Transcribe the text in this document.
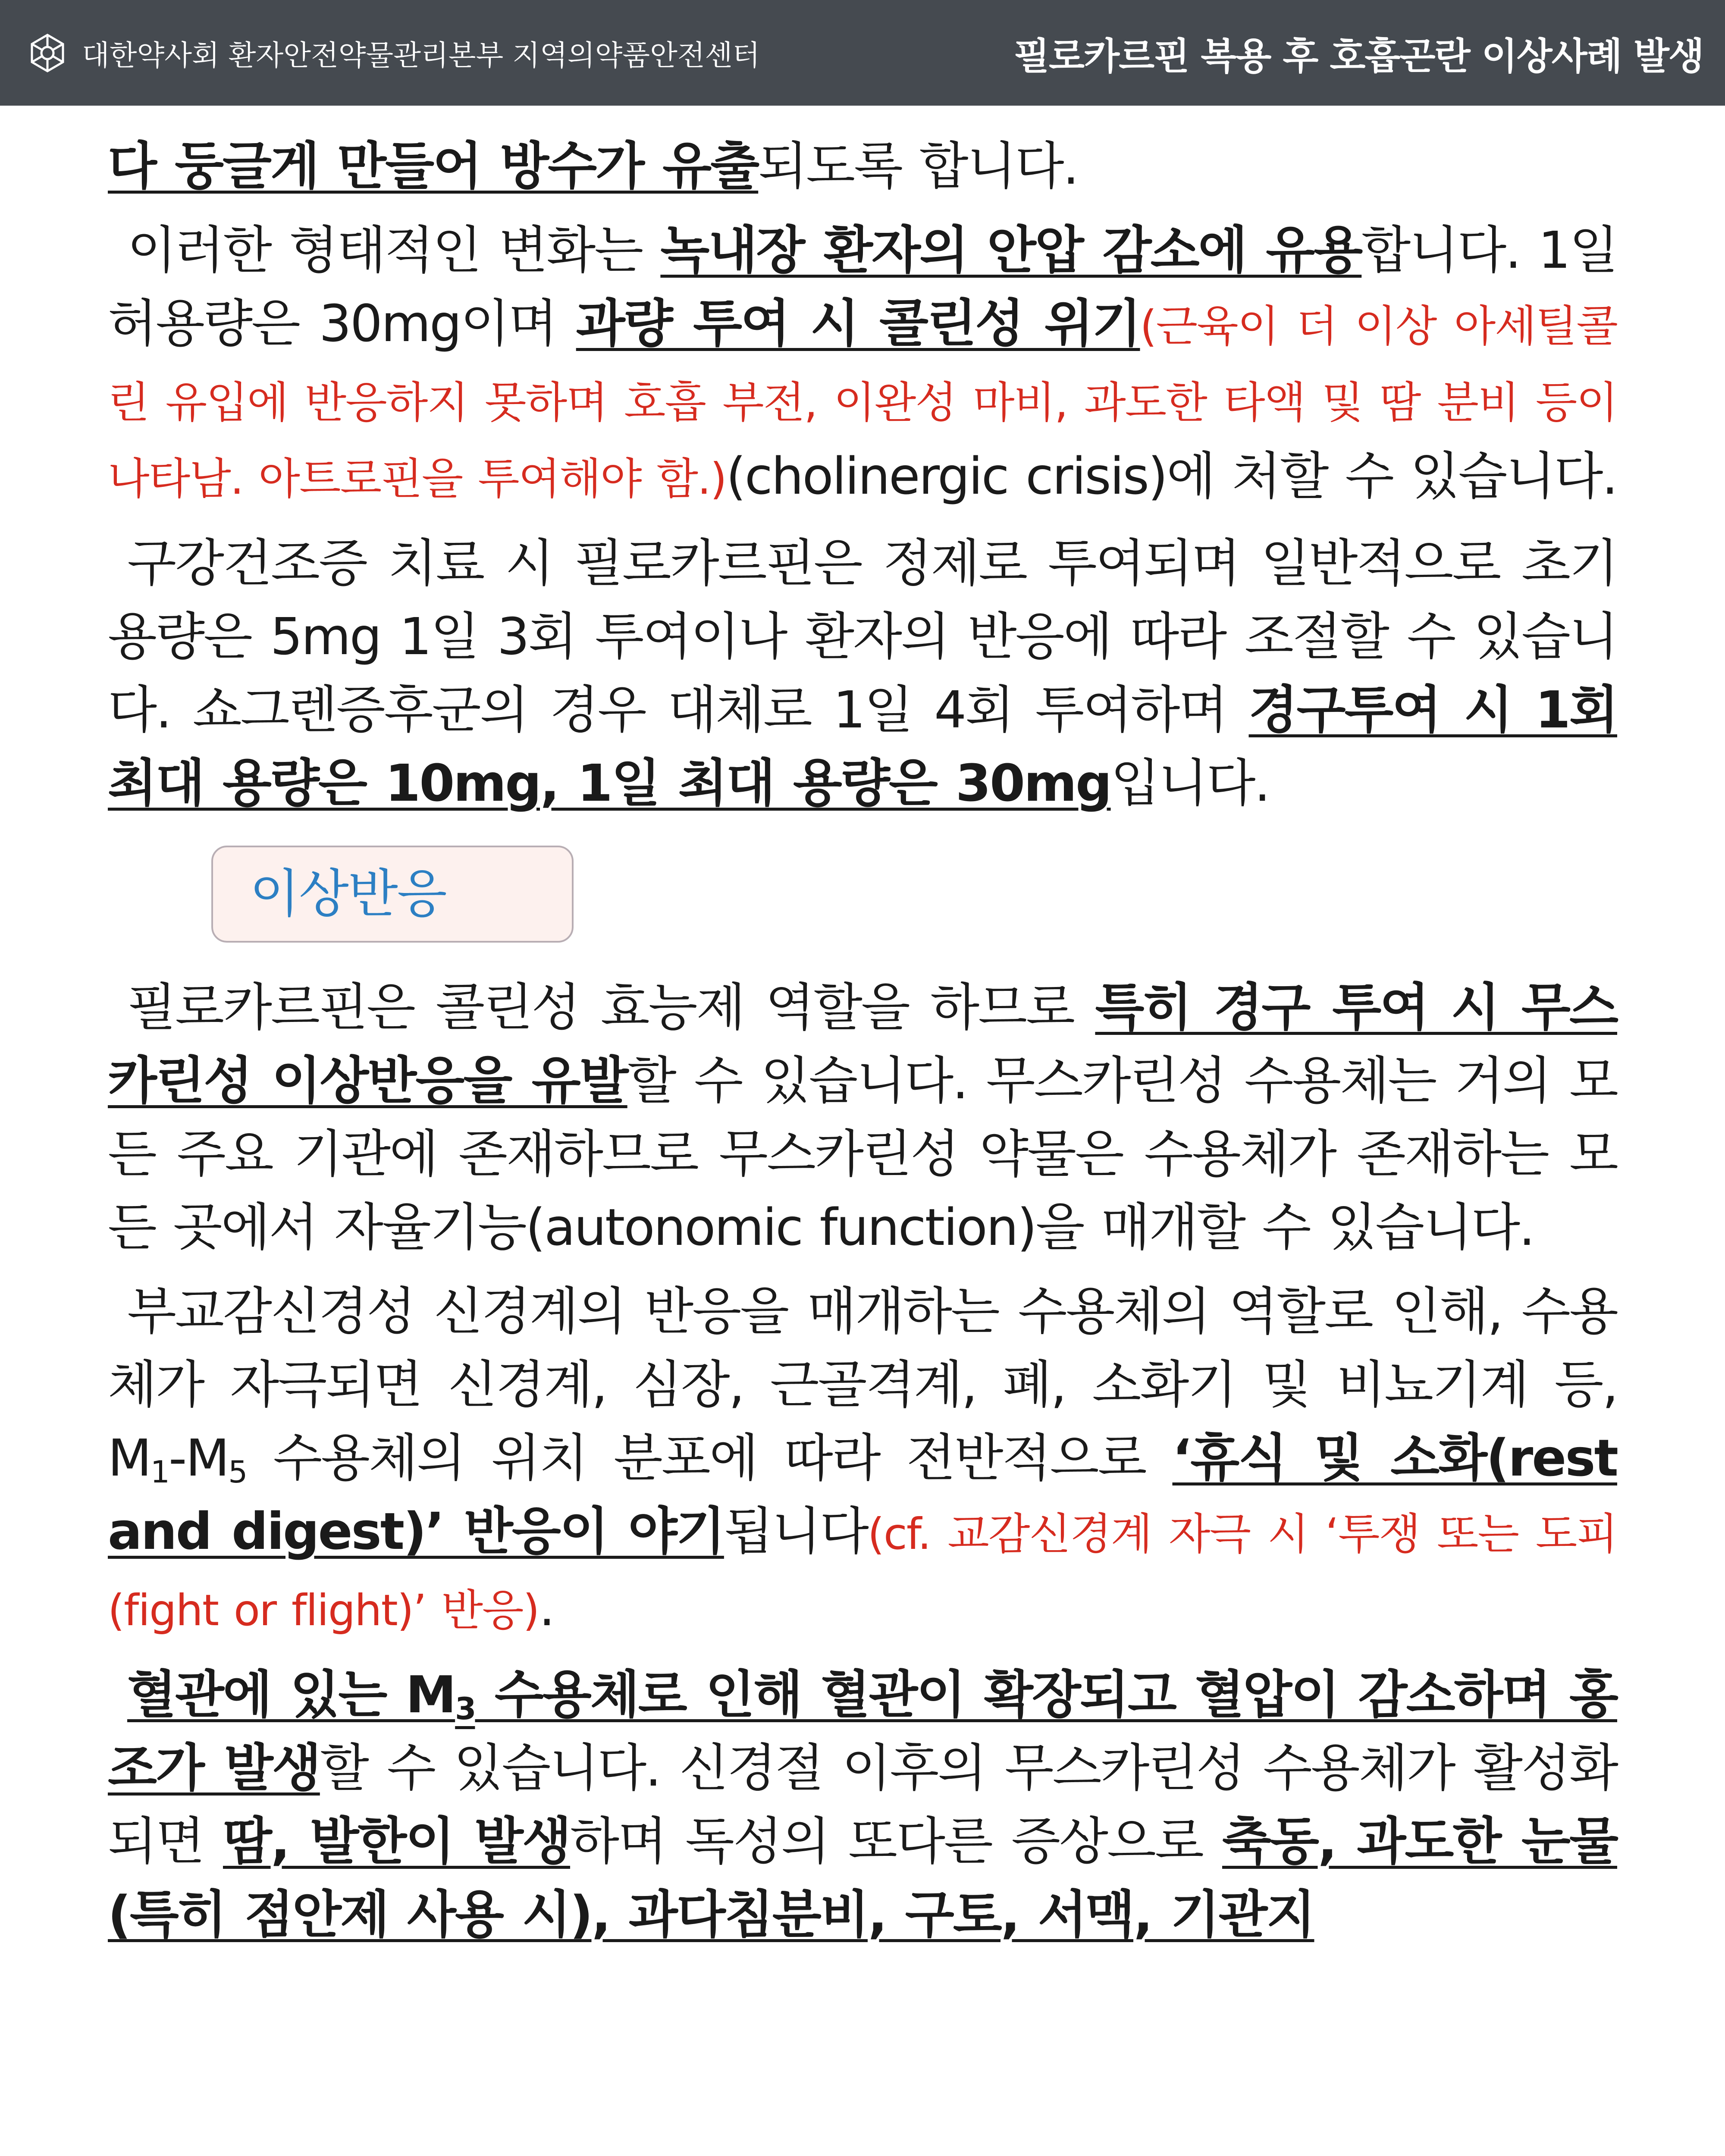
대한약사회 환자안전약물관리본부 지역의약품안전센터	필로카르핀 복용 후 호흡곤란 이상사례 발생

다 둥글게 만들어 방수가 유출되도록 합니다.

이러한 형태적인 변화는 녹내장 환자의 안압 감소에 유용합니다. 1일 허용량은 30mg이며 과량 투여 시 콜린성 위기(근육이 더 이상 아세틸콜린 유입에 반응하지 못하며 호흡 부전, 이완성 마비, 과도한 타액 및 땀 분비 등이 나타남. 아트로핀을 투여해야 함.)(cholinergic crisis)에 처할 수 있습니다.

구강건조증 치료 시 필로카르핀은 정제로 투여되며 일반적으로 초기용량은 5mg 1일 3회 투여이나 환자의 반응에 따라 조절할 수 있습니다. 쇼그렌증후군의 경우 대체로 1일 4회 투여하며 경구투여 시 1회 최대 용량은 10mg, 1일 최대 용량은 30mg입니다.

이상반응

필로카르핀은 콜린성 효능제 역할을 하므로 특히 경구 투여 시 무스카린성 이상반응을 유발할 수 있습니다. 무스카린성 수용체는 거의 모든 주요 기관에 존재하므로 무스카린성 약물은 수용체가 존재하는 모든 곳에서 자율기능(autonomic function)을 매개할 수 있습니다.

부교감신경성 신경계의 반응을 매개하는 수용체의 역할로 인해, 수용체가 자극되면 신경계, 심장, 근골격계, 폐, 소화기 및 비뇨기계 등, $M_1-M_5$ 수용체의 위치 분포에 따라 전반적으로 ‘휴식 및 소화(rest and digest)’ 반응이 야기됩니다(cf. 교감신경계 자극 시 ‘투쟁 또는 도피(fight or flight)’ 반응).

혈관에 있는 $M_3$ 수용체로 인해 혈관이 확장되고 혈압이 감소하며 홍조가 발생할 수 있습니다. 신경절 이후의 무스카린성 수용체가 활성화되면 땀, 발한이 발생하며 독성의 또다른 증상으로 축동, 과도한 눈물(특히 점안제 사용 시), 과다침분비, 구토, 서맥, 기관지
